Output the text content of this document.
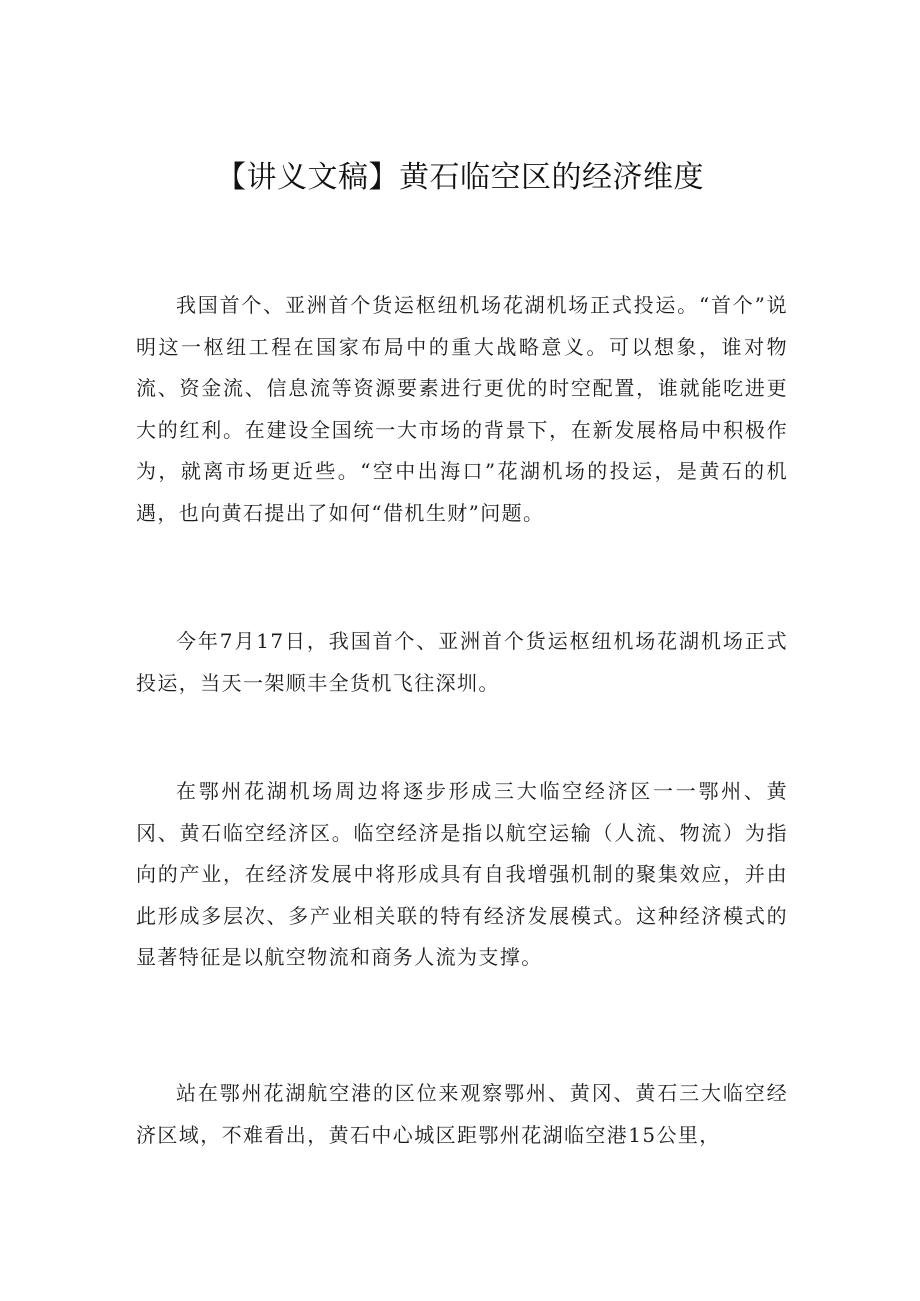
【讲义文稿】黄石临空区的经济维度

我国首个、亚洲首个货运枢纽机场花湖机场正式投运。“首个”说明这一枢纽工程在国家布局中的重大战略意义。可以想象，谁对物流、资金流、信息流等资源要素进行更优的时空配置，谁就能吃进更大的红利。在建设全国统一大市场的背景下，在新发展格局中积极作为，就离市场更近些。“空中出海口”花湖机场的投运，是黄石的机遇，也向黄石提出了如何“借机生财”问题。

今年7月17日，我国首个、亚洲首个货运枢纽机场花湖机场正式投运，当天一架顺丰全货机飞往深圳。

在鄂州花湖机场周边将逐步形成三大临空经济区一一鄂州、黄冈、黄石临空经济区。临空经济是指以航空运输（人流、物流）为指向的产业，在经济发展中将形成具有自我增强机制的聚集效应，并由此形成多层次、多产业相关联的特有经济发展模式。这种经济模式的显著特征是以航空物流和商务人流为支撑。

站在鄂州花湖航空港的区位来观察鄂州、黄冈、黄石三大临空经济区域，不难看出，黄石中心城区距鄂州花湖临空港15公里，
